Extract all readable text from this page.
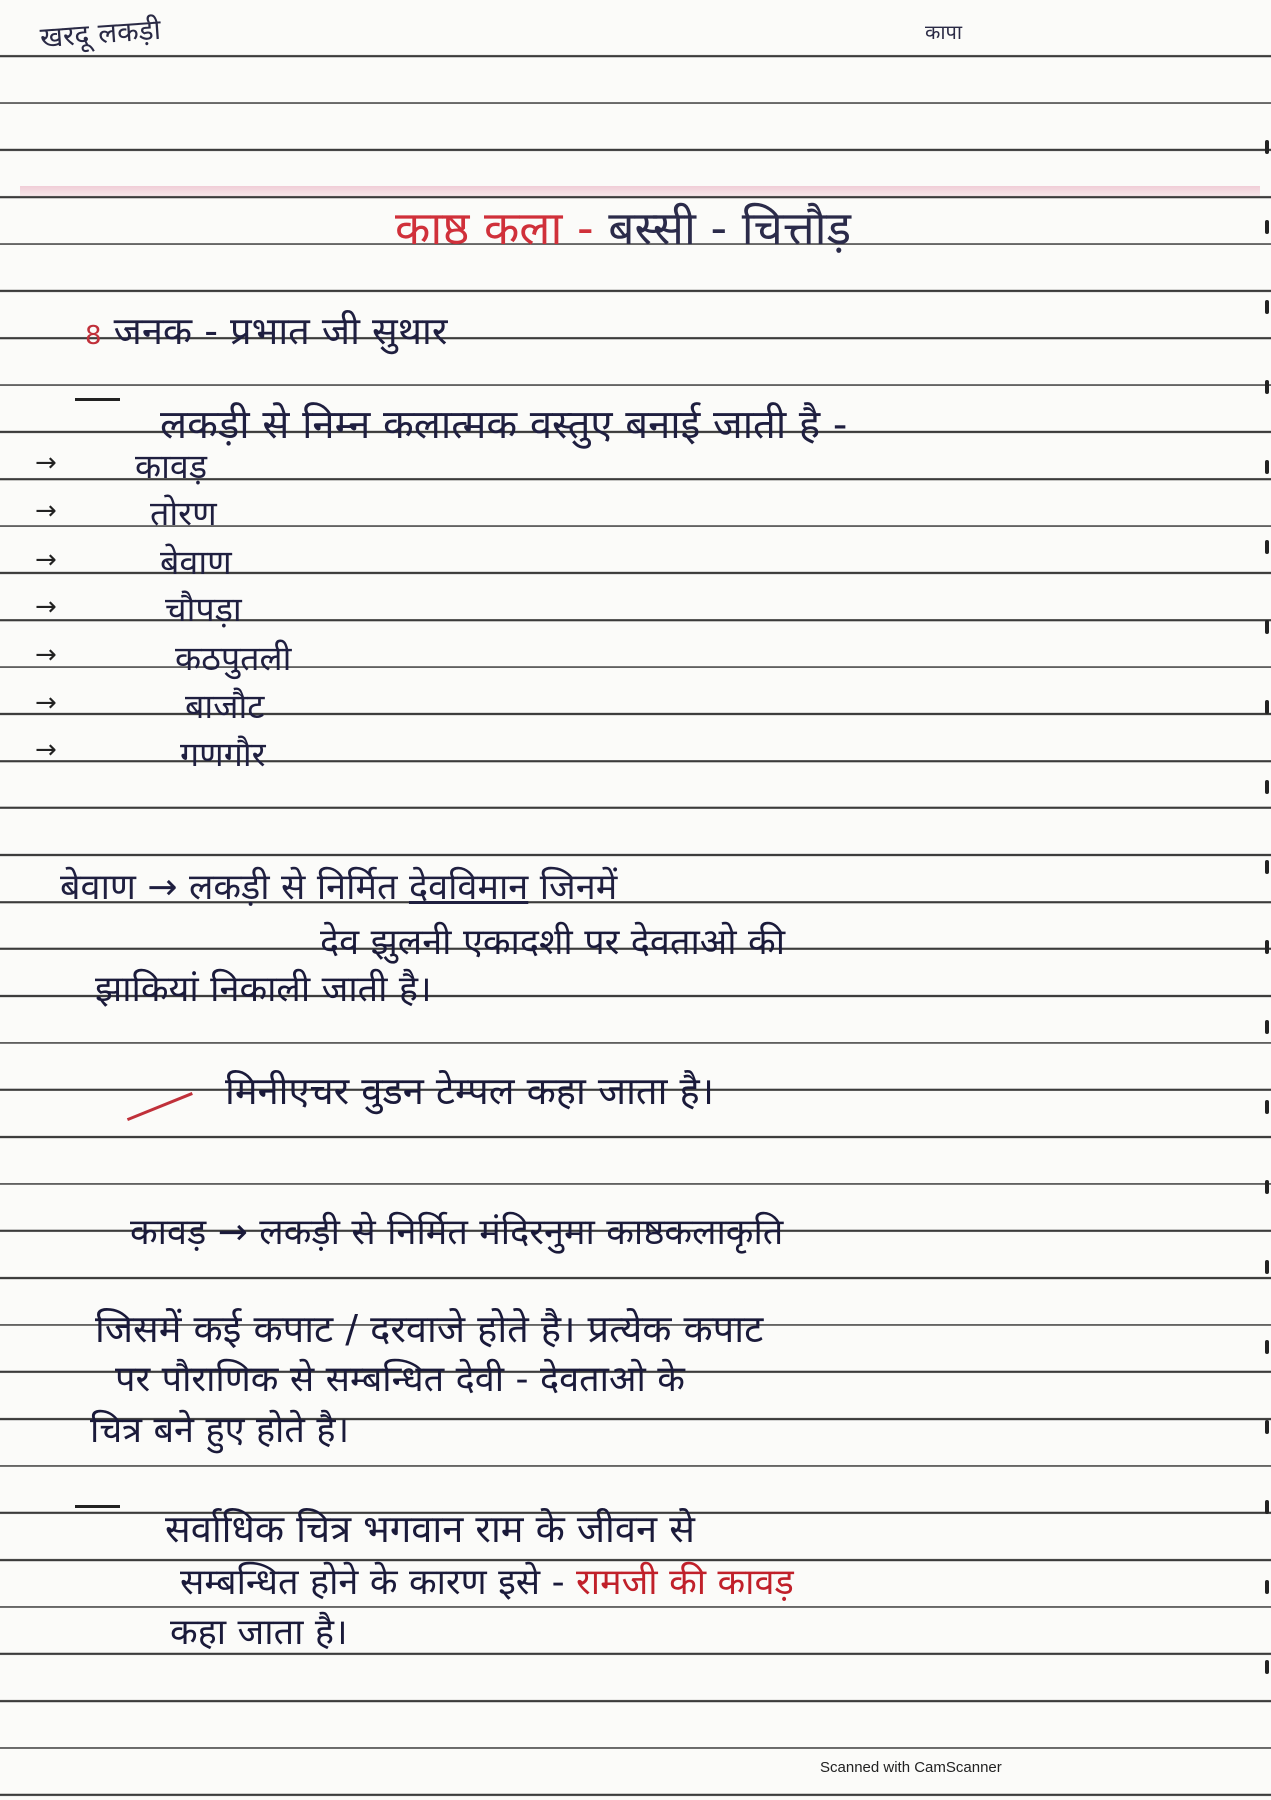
खरदू लकड़ी	कापा
काष्ठ कला - बस्सी - चित्तौड़
8 जनक - प्रभात जी सुथार
लकड़ी से निम्न कलात्मक वस्तुए बनाई जाती है -
→ कावड़
→	तोरण
→	बेवाण
→	चौपड़ा
→	कठपुतली
→	बाजौट
→	गणगौर
बेवाण → लकड़ी से निर्मित देवविमान जिनमें
देव झुलनी एकादशी पर देवताओ की
झाकियां निकाली जाती है।
मिनीएचर वुडन टेम्पल कहा जाता है।
कावड़ → लकड़ी से निर्मित मंदिरनुमा काष्ठकलाकृति
जिसमें कई कपाट / दरवाजे होते है। प्रत्येक कपाट
पर पौराणिक से सम्बन्धित देवी - देवताओ के
चित्र बने हुए होते है।
सर्वाधिक चित्र भगवान राम के जीवन से
सम्बन्धित होने के कारण इसे - रामजी की कावड़
कहा जाता है।
Scanned with CamScanner
